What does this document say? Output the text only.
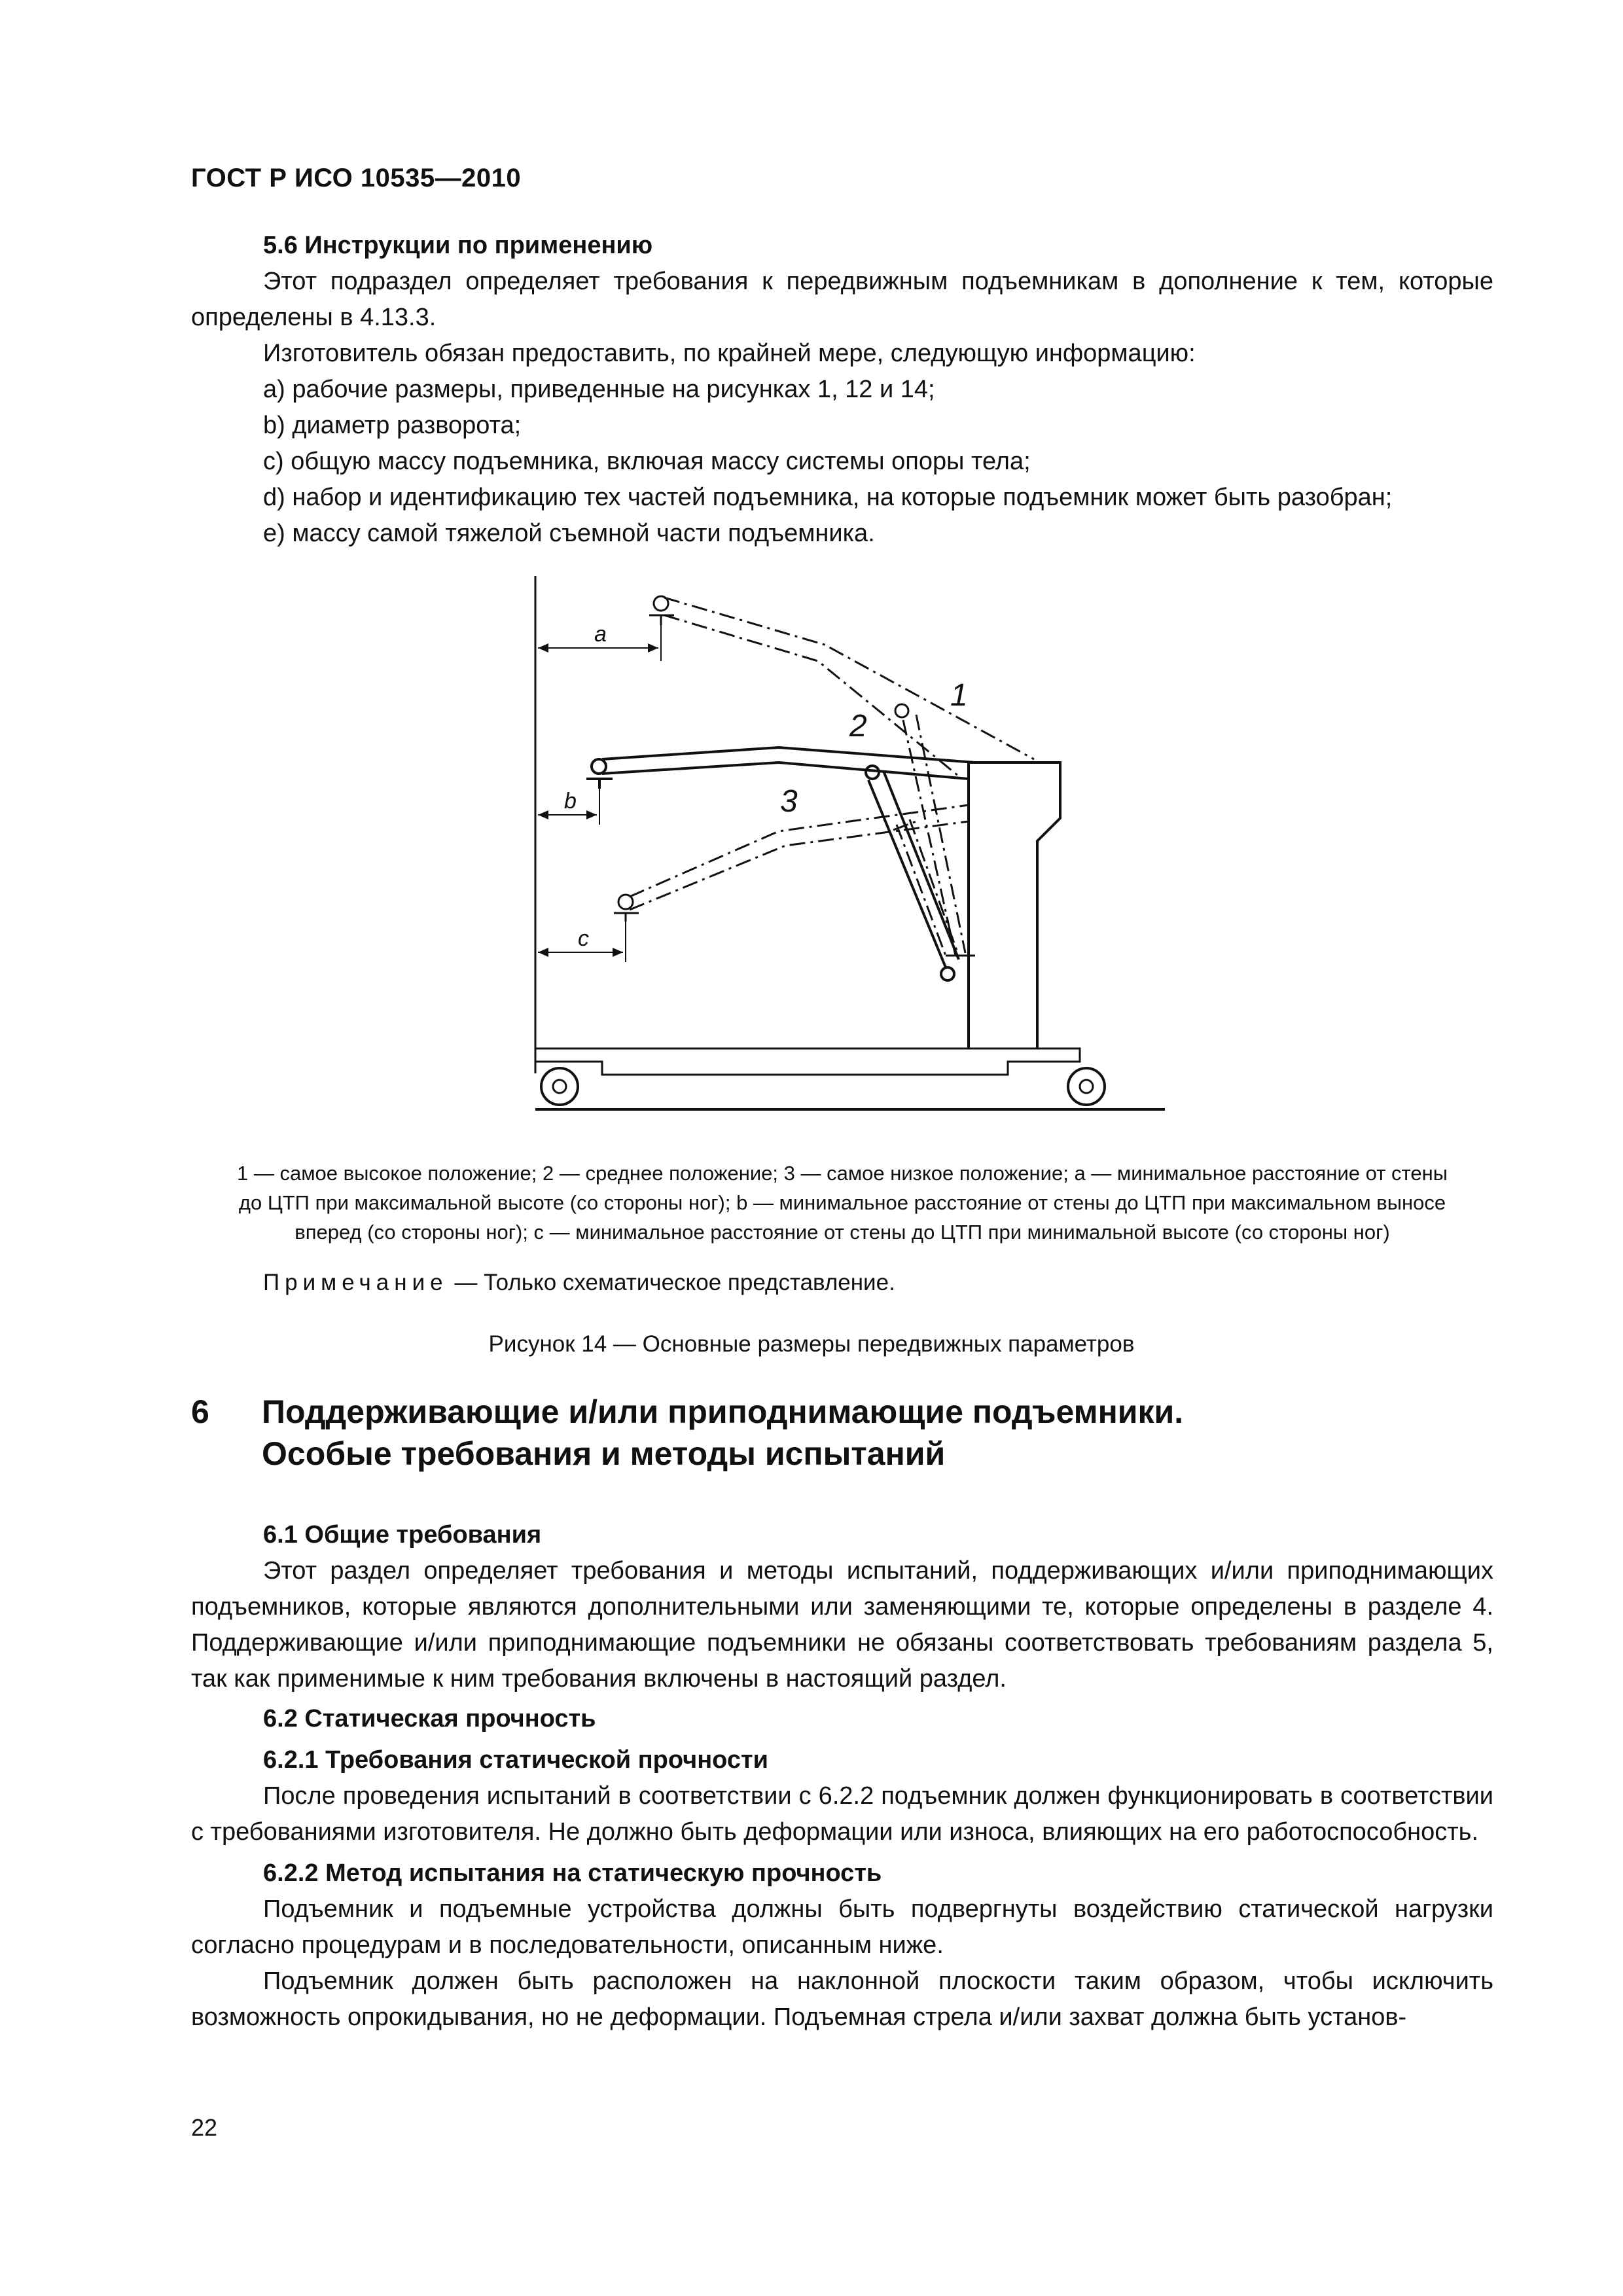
ГОСТ Р ИСО 10535—2010

5.6 Инструкции по применению

Этот подраздел определяет требования к передвижным подъемникам в дополнение к тем, которые определены в 4.13.3.

Изготовитель обязан предоставить, по крайней мере, следующую информацию:

a) рабочие размеры, приведенные на рисунках 1, 12 и 14;

b) диаметр разворота;

c) общую массу подъемника, включая массу системы опоры тела;

d) набор и идентификацию тех частей подъемника, на которые подъемник может быть разобран;

e) массу самой тяжелой съемной части подъемника.

a
b
c
1
2
3
1 — самое высокое положение; 2 — среднее положение; 3 — самое низкое положение; a — минимальное расстояние от стены
до ЦТП при максимальной высоте (со стороны ног); b — минимальное расстояние от стены до ЦТП при максимальном выносе
вперед (со стороны ног); c — минимальное расстояние от стены до ЦТП при минимальной высоте (со стороны ног)
Примечание — Только схематическое представление.
Рисунок 14 — Основные размеры передвижных параметров
6 Поддерживающие и/или приподнимающие подъемники.
Особые требования и методы испытаний

6.1 Общие требования

Этот раздел определяет требования и методы испытаний, поддерживающих и/или приподнимающих подъемников, которые являются дополнительными или заменяющими те, которые определены в разделе 4. Поддерживающие и/или приподнимающие подъемники не обязаны соответствовать требованиям раздела 5, так как применимые к ним требования включены в настоящий раздел.

6.2 Статическая прочность

6.2.1 Требования статической прочности

После проведения испытаний в соответствии с 6.2.2 подъемник должен функционировать в соответствии с требованиями изготовителя. Не должно быть деформации или износа, влияющих на его работоспособность.

6.2.2 Метод испытания на статическую прочность

Подъемник и подъемные устройства должны быть подвергнуты воздействию статической нагрузки согласно процедурам и в последовательности, описанным ниже.

Подъемник должен быть расположен на наклонной плоскости таким образом, чтобы исключить возможность опрокидывания, но не деформации. Подъемная стрела и/или захват должна быть установ-

22
